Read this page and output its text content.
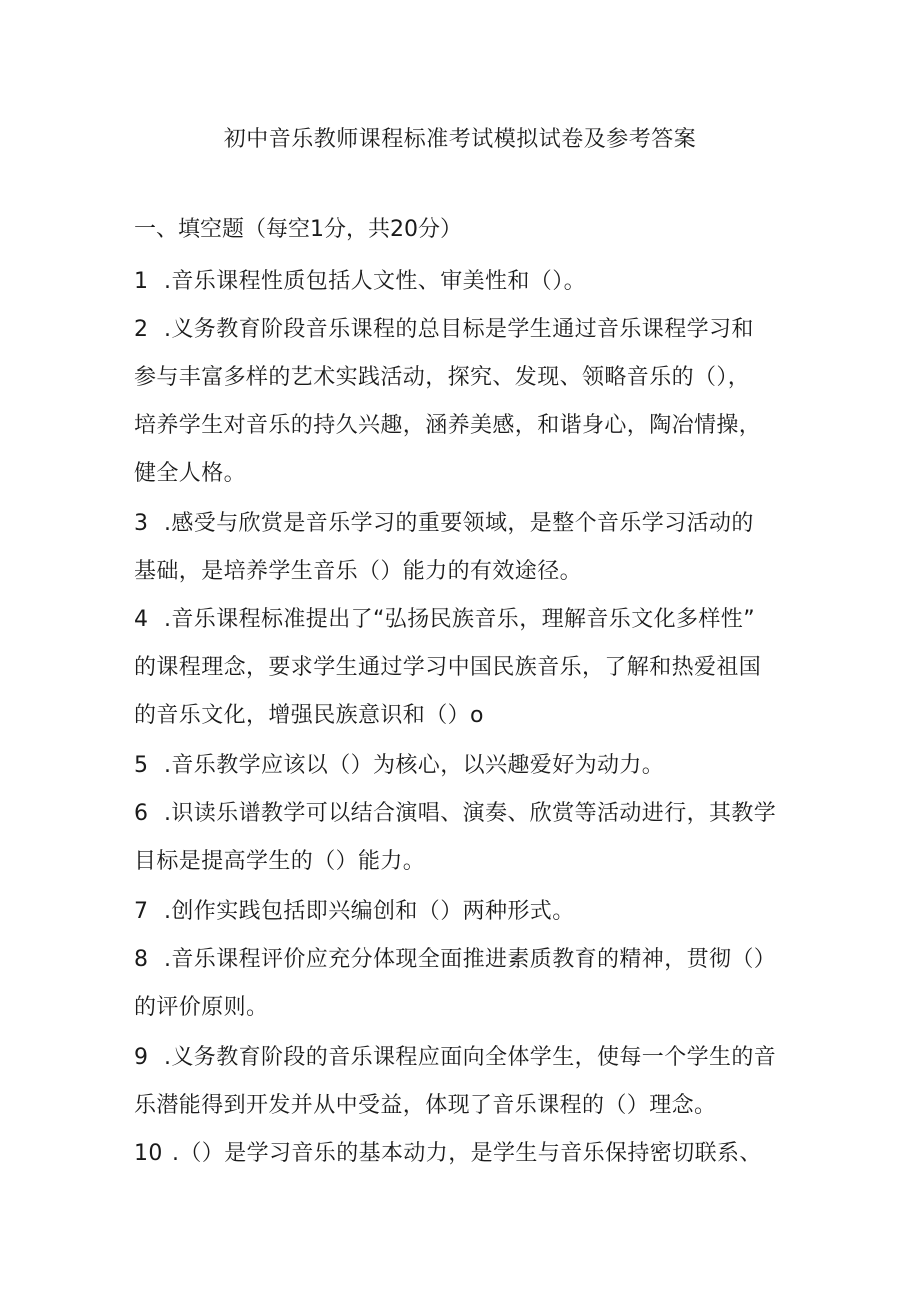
初中音乐教师课程标准考试模拟试卷及参考答案
一、填空题（每空1分，共20分）
1 .音乐课程性质包括人文性、审美性和（）。
2 .义务教育阶段音乐课程的总目标是学生通过音乐课程学习和
参与丰富多样的艺术实践活动，探究、发现、领略音乐的（），
培养学生对音乐的持久兴趣，涵养美感，和谐身心，陶冶情操，
健全人格。
3 .感受与欣赏是音乐学习的重要领域，是整个音乐学习活动的
基础，是培养学生音乐（）能力的有效途径。
4 .音乐课程标准提出了“弘扬民族音乐，理解音乐文化多样性”
的课程理念，要求学生通过学习中国民族音乐，了解和热爱祖国
的音乐文化，增强民族意识和（）o
5 .音乐教学应该以（）为核心，以兴趣爱好为动力。
6 .识读乐谱教学可以结合演唱、演奏、欣赏等活动进行，其教学
目标是提高学生的（）能力。
7 .创作实践包括即兴编创和（）两种形式。
8 .音乐课程评价应充分体现全面推进素质教育的精神，贯彻（）
的评价原则。
9 .义务教育阶段的音乐课程应面向全体学生，使每一个学生的音
乐潜能得到开发并从中受益，体现了音乐课程的（）理念。
10 .（）是学习音乐的基本动力，是学生与音乐保持密切联系、
